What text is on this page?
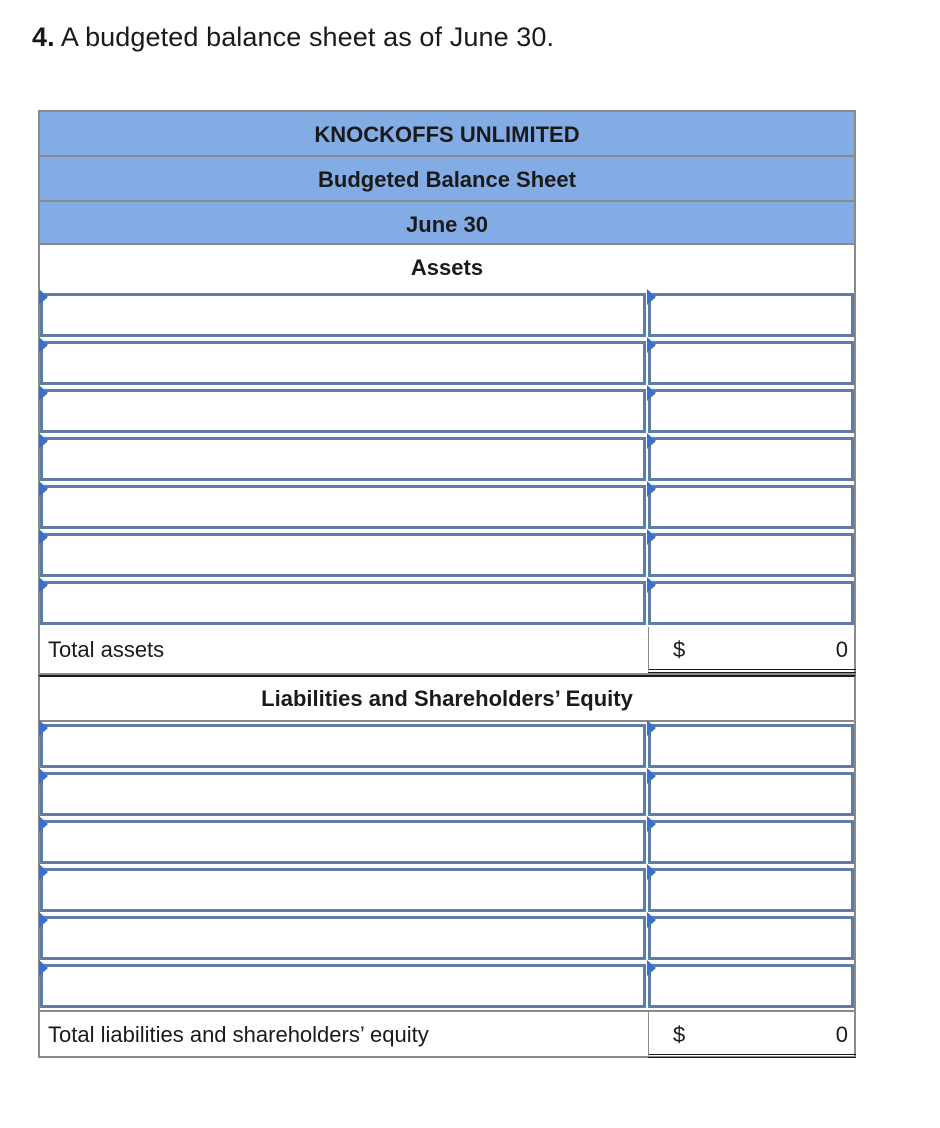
4. A budgeted balance sheet as of June 30.
KNOCKOFFS UNLIMITED
Budgeted Balance Sheet
June 30
Assets
Total assets	$	0
Liabilities and Shareholders’ Equity
Total liabilities and shareholders’ equity	$	0
